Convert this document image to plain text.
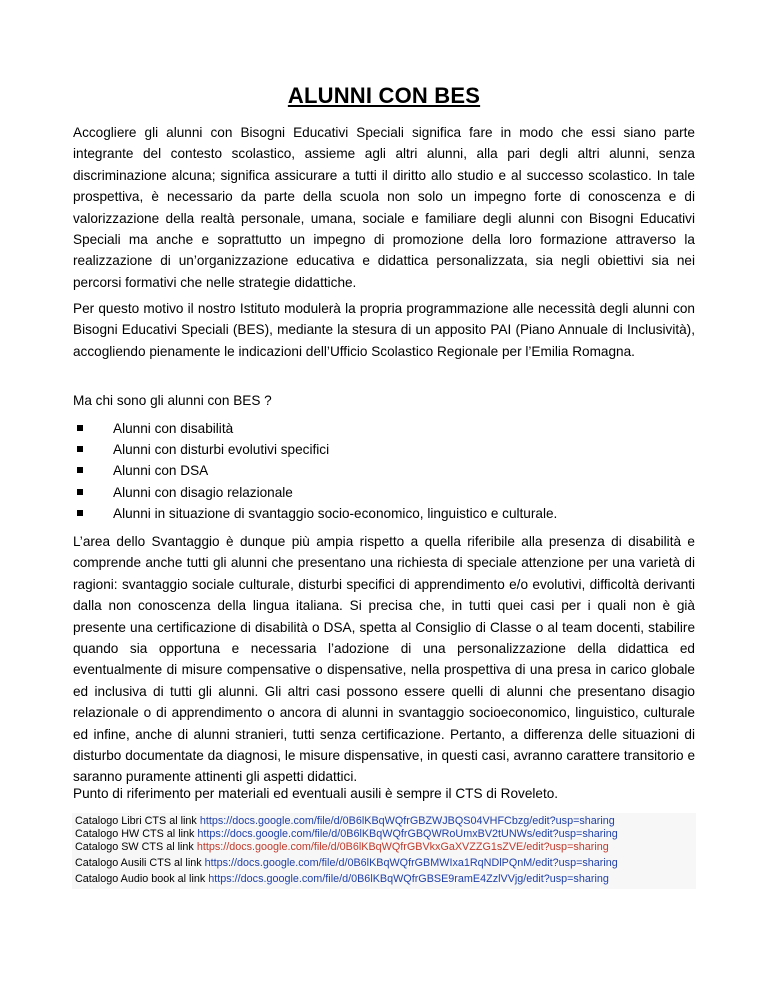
ALUNNI CON BES
Accogliere gli alunni con Bisogni Educativi Speciali significa fare in modo che essi siano parte integrante del contesto scolastico, assieme agli altri alunni, alla pari degli altri alunni, senza discriminazione alcuna; significa assicurare a tutti il diritto allo studio e al successo scolastico. In tale prospettiva, è necessario da parte della scuola non solo un impegno forte di conoscenza e di valorizzazione della realtà personale, umana, sociale e familiare degli alunni con Bisogni Educativi Speciali ma anche e soprattutto un impegno di promozione della loro formazione attraverso la realizzazione di un’organizzazione educativa e didattica personalizzata, sia negli obiettivi sia nei percorsi formativi che nelle strategie didattiche.
Per questo motivo il nostro Istituto modulerà la propria programmazione alle necessità degli alunni con Bisogni Educativi Speciali (BES), mediante la stesura di un apposito PAI (Piano Annuale di Inclusività), accogliendo pienamente le indicazioni dell’Ufficio Scolastico Regionale per l’Emilia Romagna.
Ma chi sono gli alunni con BES ?
Alunni con disabilità
Alunni con disturbi evolutivi specifici
Alunni con DSA
Alunni con disagio relazionale
Alunni in situazione di svantaggio socio-economico, linguistico e culturale.
L’area dello Svantaggio è dunque più ampia rispetto a quella riferibile alla presenza di disabilità e comprende anche tutti gli alunni che presentano una richiesta di speciale attenzione per una varietà di ragioni: svantaggio sociale culturale, disturbi specifici di apprendimento e/o evolutivi, difficoltà derivanti dalla non conoscenza della lingua italiana. Si precisa che, in tutti quei casi per i quali non è già presente una certificazione di disabilità o DSA, spetta al Consiglio di Classe o al team docenti, stabilire quando sia opportuna e necessaria l’adozione di una personalizzazione della didattica ed eventualmente di misure compensative o dispensative, nella prospettiva di una presa in carico globale ed inclusiva di tutti gli alunni. Gli altri casi possono essere quelli di alunni che presentano disagio relazionale o di apprendimento o ancora di alunni in svantaggio socioeconomico, linguistico, culturale ed infine, anche di alunni stranieri, tutti senza certificazione. Pertanto, a differenza delle situazioni di disturbo documentate da diagnosi, le misure dispensative, in questi casi, avranno carattere transitorio e saranno puramente attinenti gli aspetti didattici.
Punto di riferimento per materiali ed eventuali ausili è sempre il CTS di Roveleto.
Catalogo Libri CTS al link https://docs.google.com/file/d/0B6lKBqWQfrGBZWJBQS04VHFCbzg/edit?usp=sharing
Catalogo HW CTS al link https://docs.google.com/file/d/0B6lKBqWQfrGBQWRoUmxBV2tUNWs/edit?usp=sharing
Catalogo SW CTS al link https://docs.google.com/file/d/0B6lKBqWQfrGBVkxGaXVZZG1sZVE/edit?usp=sharing
Catalogo Ausili CTS al link https://docs.google.com/file/d/0B6lKBqWQfrGBMWIxa1RqNDlPQnM/edit?usp=sharing
Catalogo Audio book al link https://docs.google.com/file/d/0B6lKBqWQfrGBSE9ramE4ZzlVVjg/edit?usp=sharing
